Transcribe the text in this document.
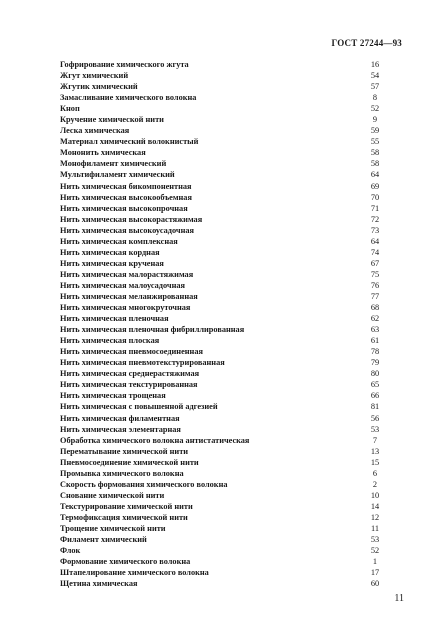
ГОСТ 27244—93
Гофрирование химического жгута	16
Жгут химический	54
Жгутик химический	57
Замасливание химического волокна	8
Кноп	52
Кручение химической нити	9
Леска химическая	59
Материал химический волокнистый	55
Мононить химическая	58
Монофиламент химический	58
Мультифиламент химический	64
Нить химическая бикомпонентная	69
Нить химическая высокообъемная	70
Нить химическая высокопрочная	71
Нить химическая высокорастяжимая	72
Нить химическая высокоусадочная	73
Нить химическая комплексная	64
Нить химическая кордная	74
Нить химическая крученая	67
Нить химическая малорастяжимая	75
Нить химическая малоусадочная	76
Нить химическая меланжированная	77
Нить химическая многокруточная	68
Нить химическая пленочная	62
Нить химическая пленочная фибриллированная	63
Нить химическая плоская	61
Нить химическая пневмосоединенная	78
Нить химическая пневмотекстурированная	79
Нить химическая среднерастяжимая	80
Нить химическая текстурированная	65
Нить химическая трощеная	66
Нить химическая с повышенной адгезией	81
Нить химическая филаментная	56
Нить химическая элементарная	53
Обработка химического волокна антистатическая	7
Перематывание химической нити	13
Пневмосоединение химической нити	15
Промывка химического волокна	6
Скорость формования химического волокна	2
Снование химической нити	10
Текстурирование химической нити	14
Термофиксация химической нити	12
Трощение химической нити	11
Филамент химический	53
Флок	52
Формование химического волокна	1
Штапелирование химического волокна	17
Щетина химическая	60
11
